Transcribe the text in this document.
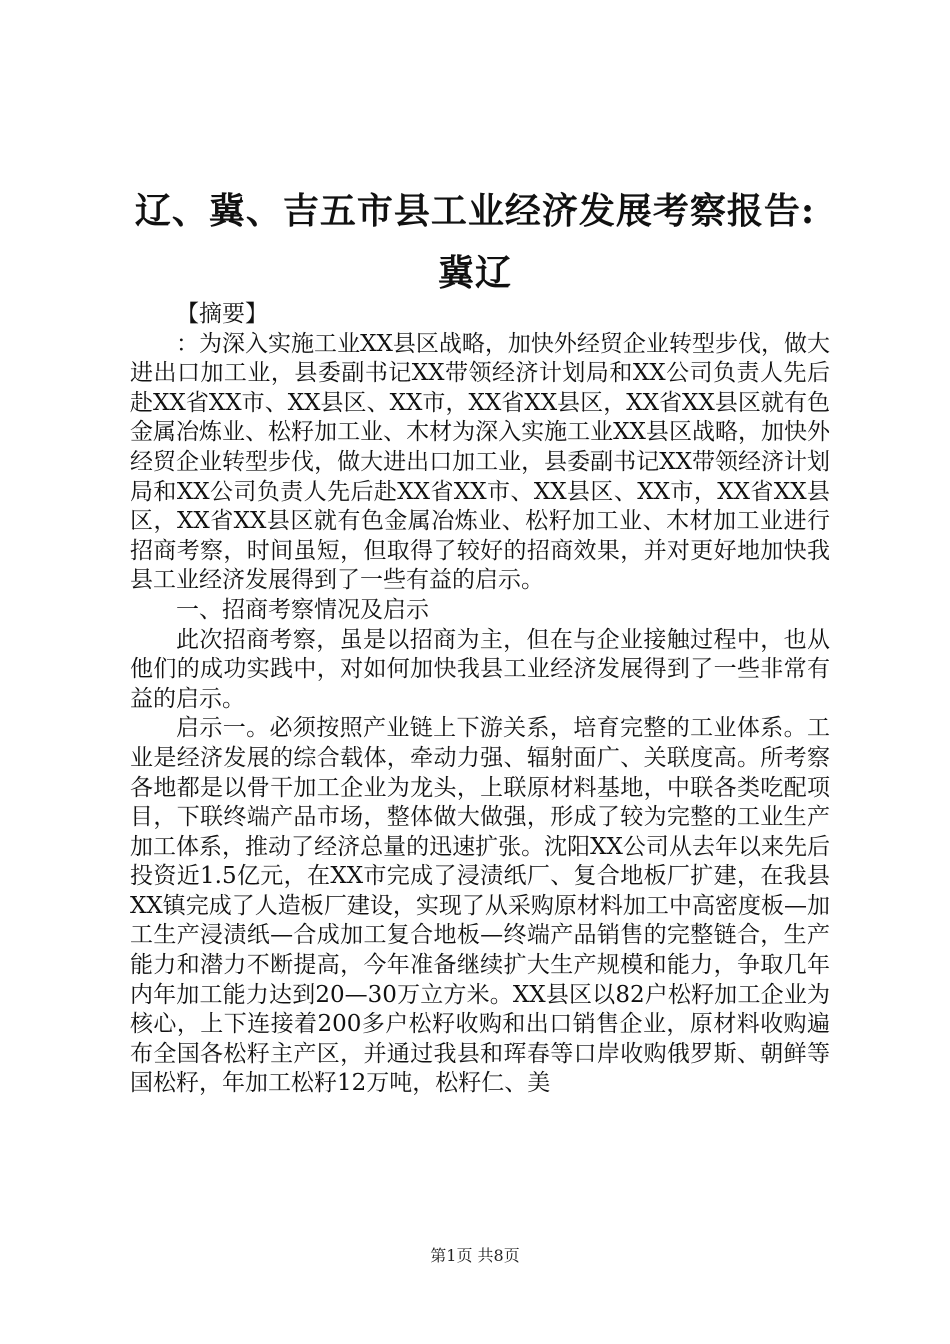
辽、冀、吉五市县工业经济发展考察报告:冀辽

【摘要】

：为深入实施工业XX县区战略，加快外经贸企业转型步伐，做大进出口加工业，县委副书记XX带领经济计划局和XX公司负责人先后赴XX省XX市、XX县区、XX市，XX省XX县区，XX省XX县区就有色金属冶炼业、松籽加工业、木材为深入实施工业XX县区战略，加快外经贸企业转型步伐，做大进出口加工业，县委副书记XX带领经济计划局和XX公司负责人先后赴XX省XX市、XX县区、XX市，XX省XX县区，XX省XX县区就有色金属冶炼业、松籽加工业、木材加工业进行招商考察，时间虽短，但取得了较好的招商效果，并对更好地加快我县工业经济发展得到了一些有益的启示。

一、招商考察情况及启示

此次招商考察，虽是以招商为主，但在与企业接触过程中，也从他们的成功实践中，对如何加快我县工业经济发展得到了一些非常有益的启示。

启示一。必须按照产业链上下游关系，培育完整的工业体系。工业是经济发展的综合载体，牵动力强、辐射面广、关联度高。所考察各地都是以骨干加工企业为龙头，上联原材料基地，中联各类吃配项目，下联终端产品市场，整体做大做强，形成了较为完整的工业生产加工体系，推动了经济总量的迅速扩张。沈阳XX公司从去年以来先后投资近1.5亿元，在XX市完成了浸渍纸厂、复合地板厂扩建，在我县XX镇完成了人造板厂建设，实现了从采购原材料加工中高密度板—加工生产浸渍纸—合成加工复合地板—终端产品销售的完整链合，生产能力和潜力不断提高，今年准备继续扩大生产规模和能力，争取几年内年加工能力达到20—30万立方米。XX县区以82户松籽加工企业为核心，上下连接着200多户松籽收购和出口销售企业，原材料收购遍布全国各松籽主产区，并通过我县和珲春等口岸收购俄罗斯、朝鲜等国松籽，年加工松籽12万吨，松籽仁、美

第1页 共8页
